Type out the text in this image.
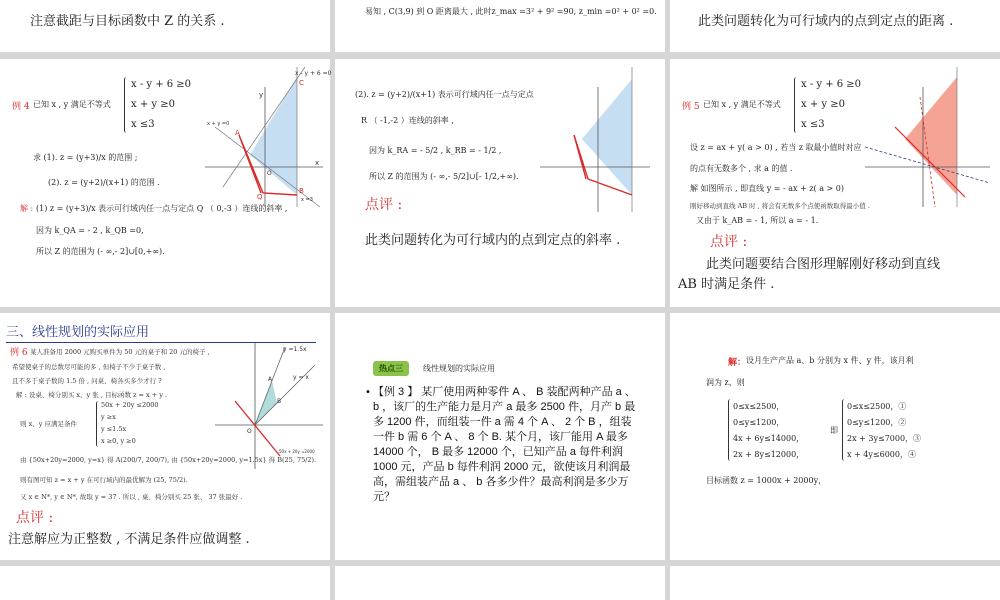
注意截距与目标函数中 Z 的关系 .
易知 , C(3,9) 到 O 距离最大 , 此时z_max =3² + 9² =90, z_min =0² + 0² =0.
此类问题转化为可行域内的点到定点的距离 .
例 4 已知 x , y 满足不等式
x - y + 6 ≥0
x + y ≥0
x ≤3
求 (1). z = (y+3)/x 的范围 ;
(2). z = (y+2)/(x+1) 的范围 .
解 : (1) z = (y+3)/x 表示可行域内任一点与定点 Q （ 0,-3 ）连线的斜率 ,
因为 k_QA = - 2 , k_QB =0,
所以 Z 的范围为 (- ∞,- 2]∪[0,+∞).
x - y + 6 =0
x + y =0
x =3
A
B
C
Q
O
y
x
(2). z = (y+2)/(x+1) 表示可行域内任一点与定点
R （ -1,-2 ）连线的斜率 ,
因为 k_RA = - 5/2 , k_RB = - 1/2 ,
所以 Z 的范围为 (- ∞,- 5/2]∪[- 1/2,+∞).
点评 :
此类问题转化为可行域内的点到定点的斜率 .
例 5 已知 x , y 满足不等式
x - y + 6 ≥0
x + y ≥0
x ≤3
设 z = ax + y( a > 0) , 若当 z 取最小值时对应
的点有无数多个 , 求 a 的值 .
解 如图所示 , 即直线 y = - ax + z( a > 0)
刚好移动到直线 AB 时 , 将会有无数多个点使函数取得最小值 .
又由于 k_AB = - 1, 所以 a = - 1.
点评 :
此类问题要结合图形理解刚好移动到直线
AB 时满足条件 .
三、线性规划的实际应用
例 6 某人准备用 2000 元购买单件为 50 元的桌子和 20 元的椅子 ,
希望使桌子的总数尽可能的多 , 但椅子不少于桌子数 ,
且不多于桌子数的 1.5 倍 , 问桌、椅各买多少才行 ?
解 : 设桌、椅分别买 x、y 张 , 目标函数 z = x + y .
则 x、y 应满足条件
50x + 20y ≤2000
y ≥x
y ≤1.5x
x ≥0, y ≥0
由 {50x+20y=2000, y=x} 得 A(200/7, 200/7), 由 {50x+20y=2000, y=1.5x} 得 B(25, 75/2).
则有图可知 z = x + y 在可行域内的最优解为 (25, 75/2).
又 x ∈ N*, y ∈ N*, 故取 y = 37 . 所以 , 桌、椅分别买 25 张、 37 张最好 .
点评 :
注意解应为正整数 , 不满足条件应做调整 .
y =1.5x
y = x
50x + 20y =2000
A
B
O
热点三	线性规划的实际应用
• 【例 3 】 某厂使用两种零件 A 、 B 装配两种产品 a 、 b ，该厂的生产能力是月产 a 最多 2500 件，月产 b 最多 1200 件，而组装一件 a 需 4 个 A 、 2 个 B ，组装一件 b 需 6 个 A 、 8 个 B. 某个月，该厂能用 A 最多 14000 个， B 最多 12000 个，已知产品 a 每件利润 1000 元，产品 b 每件利润 2000 元，欲使该月利润最高，需组装产品 a 、 b 各多少件？最高利润是多少万元？
解： 设月生产产品 a、b 分别为 x 件、y 件，该月利
润为 z，则
0≤x≤2500，
0≤y≤1200，
4x + 6y≤14000，
2x + 8y≤12000，
即
0≤x≤2500，①
0≤y≤1200，②
2x + 3y≤7000，③
x + 4y≤6000，④
目标函数 z = 1000x + 2000y，
